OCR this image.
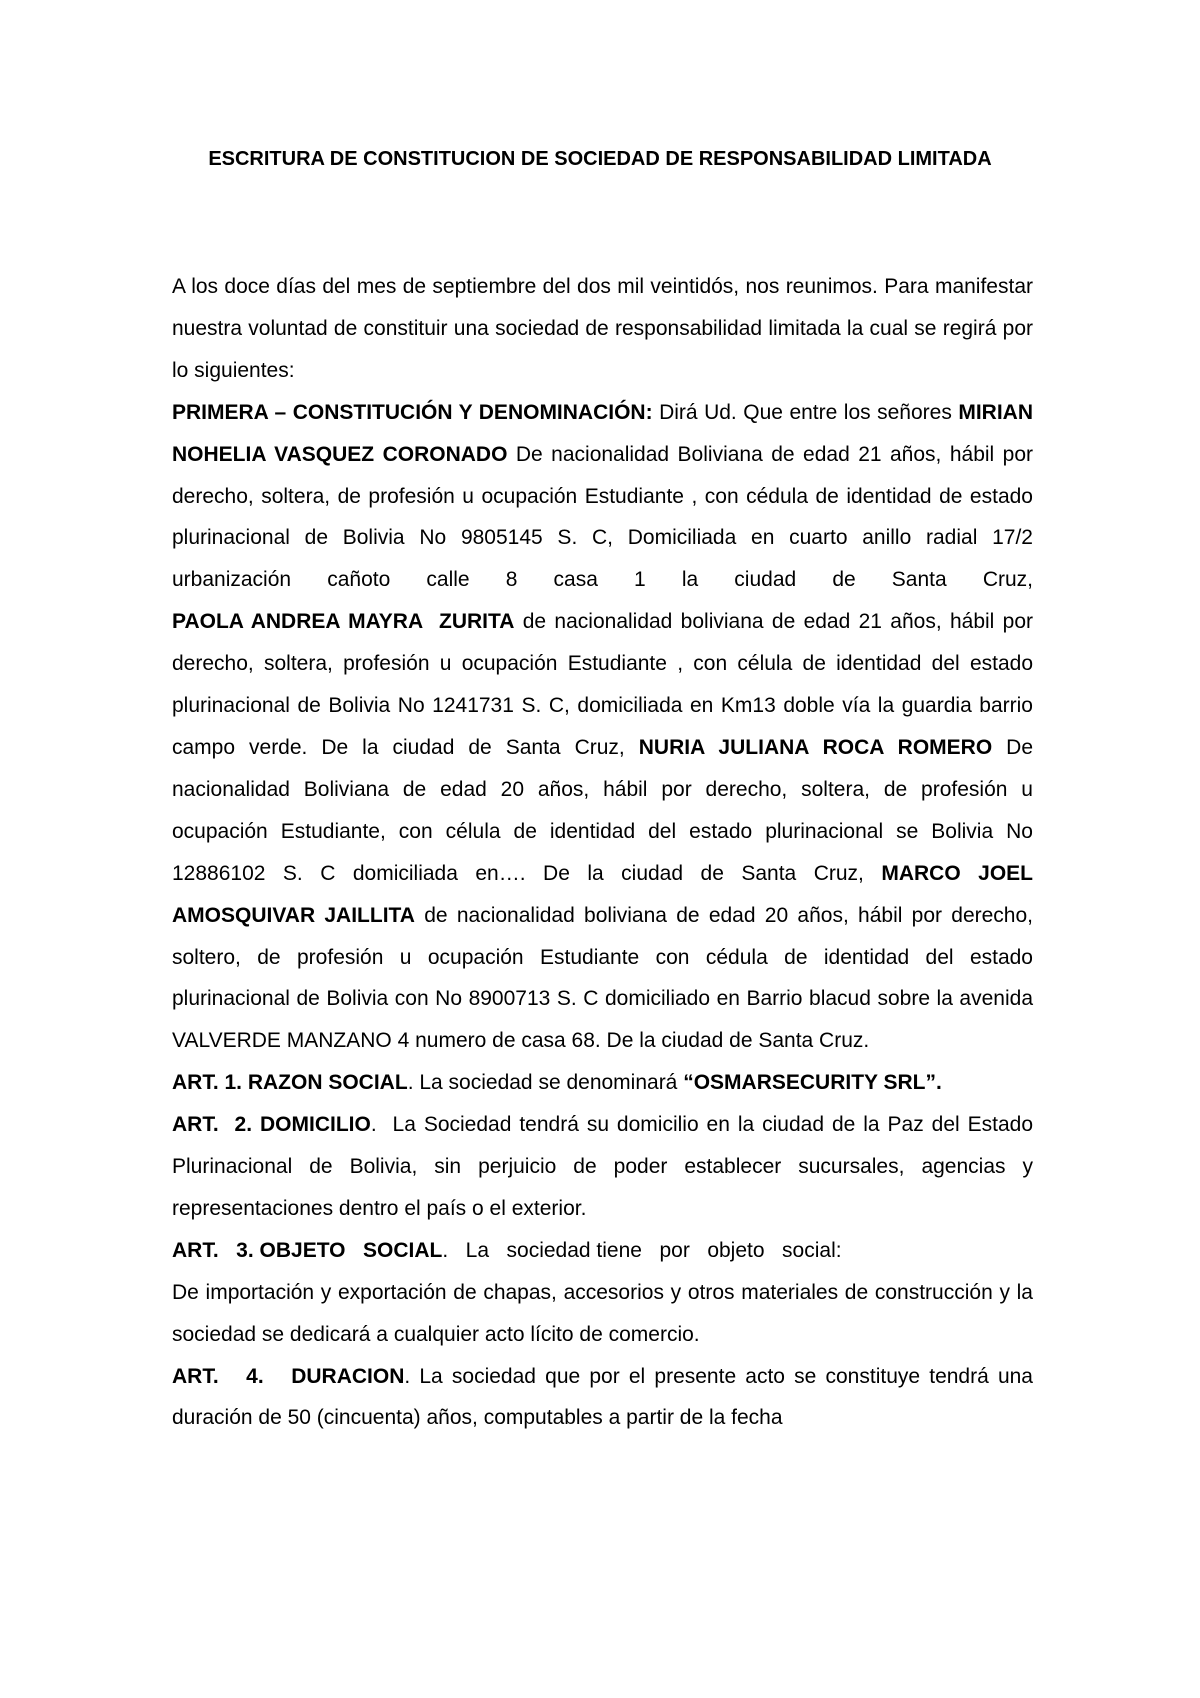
ESCRITURA DE CONSTITUCION DE SOCIEDAD DE RESPONSABILIDAD LIMITADA

A los doce días del mes de septiembre del dos mil veintidós, nos reunimos. Para manifestar nuestra voluntad de constituir una sociedad de responsabilidad limitada la cual se regirá por lo siguientes:

PRIMERA – CONSTITUCIÓN Y DENOMINACIÓN: Dirá Ud. Que entre los señores MIRIAN NOHELIA VASQUEZ CORONADO De nacionalidad Boliviana de edad 21 años, hábil por derecho, soltera, de profesión u ocupación Estudiante , con cédula de identidad de estado plurinacional de Bolivia No 9805145 S. C, Domiciliada en cuarto anillo radial 17/2 urbanización cañoto calle 8 casa 1 la ciudad de Santa Cruz, PAOLA ANDREA MAYRA  ZURITA de nacionalidad boliviana de edad 21 años, hábil por derecho, soltera, profesión u ocupación Estudiante , con célula de identidad del estado plurinacional de Bolivia No 1241731 S. C, domiciliada en Km13 doble vía la guardia barrio campo verde. De la ciudad de Santa Cruz, NURIA JULIANA ROCA ROMERO De nacionalidad Boliviana de edad 20 años, hábil por derecho, soltera, de profesión u ocupación Estudiante, con célula de identidad del estado plurinacional se Bolivia No 12886102 S. C domiciliada en…. De la ciudad de Santa Cruz, MARCO JOEL AMOSQUIVAR JAILLITA de nacionalidad boliviana de edad 20 años, hábil por derecho, soltero, de profesión u ocupación Estudiante con cédula de identidad del estado plurinacional de Bolivia con No 8900713 S. C domiciliado en Barrio blacud sobre la avenida VALVERDE MANZANO 4 numero de casa 68. De la ciudad de Santa Cruz.

ART. 1. RAZON SOCIAL. La sociedad se denominará “OSMARSECURITY SRL”.

ART.  2. DOMICILIO.  La Sociedad tendrá su domicilio en la ciudad de la Paz del Estado Plurinacional de Bolivia, sin perjuicio de poder establecer sucursales, agencias y representaciones dentro el país o el exterior.

ART.   3. OBJETO   SOCIAL.   La   sociedad tiene   por   objeto   social:

De importación y exportación de chapas, accesorios y otros materiales de construcción y la sociedad se dedicará a cualquier acto lícito de comercio.

ART.   4.   DURACION. La sociedad que por el presente acto se constituye tendrá una duración de 50 (cincuenta) años, computables a partir de la fecha
